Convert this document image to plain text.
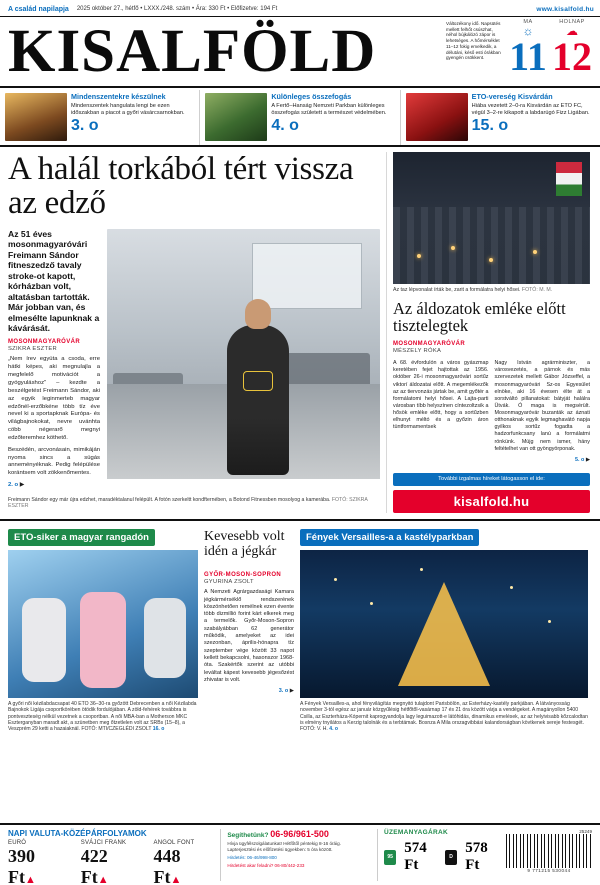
A család napilapja 2025 október 27., hétfő • LXXX./248. szám • Ára: 330 Ft • Előfizetve: 194 Ft	www.kisalfold.hu
KISALFÖLD	Változékony idő. Napsütés mellett felhőt csúszhat, néhol bújkálózó zápor is lehetséges. A hőmérséklet 11–12 fokig emelkedik, a délutáni, késő esti órákban gyengén csökkent.
MA
☼
11
HOLNAP
☁
12
Mindenszentekre készülnek
Mindenszentek hangulata lengi be ezen időszakban a piacot a győri vásárcsarnokban.
3. o
Különleges összefogás
A Fertő–Hanság Nemzeti Parkban különleges összefogás született a természet védelmében.
4. o
ETO-vereség Kisvárdán
Hiába vezetett 2–0-ra Kisvárdán az ETO FC, végül 3–2-re kikapott a labdarúgó Fizz Ligában.
15. o
A halál torkából tért vissza az edző
Az 51 éves mosonmagyaróvári Freimann Sándor fitneszedző tavaly stroke-ot kapott, kórházban volt, altatásban tartották. Már jobban van, és elmesélte lapunknak a kávárását.
MOSONMAGYARÓVÁR
SZIKRA ESZTER

„Nem írev egyúta a csoda, erre hátki képes, aki megnulajla a megfelelő motivációt a gyógyuláshoz" – kezdte a beszélgetést Freimann Sándor, aki az egyik leginmerteb magyar edzőnél-erzőbkéne több tíz éve nevel ki a sportapknak Európa- és világbajnokokat, nevre uvánhta cöbb négerarő megnyi edzőteremhez köthető.

Beszédén, arcvonásain, mimikáján nyoma sincs a súgás anneményéknak. Pedig felépülése korántsem volt zökkenőmentes.

2. o ▶

Freimann Sándor egy már újra edzhet, maradéktalanul felépült. A fotón szerkeltt kondfternében, a Botond Fitnessben mosolyog a kamerába. FOTÓ: SZIKRA ESZTER
Az taz lépvonalat írták be, zarit a formálatra helyi hősei. FOTÓ: M. M.
Az áldozatok emléke előtt tisztelegtek
MOSONMAGYARÓVÁR
MÉSZELY RÓKA

A 68. évfordulón a város gyászmap keretében fejet hajtottak az 1956. október 26-i mosonmagyaróvári sortűz viktorí áldozatai előtt. A megemlékezők az az tiervonzás jártak be, amit győtér a formálatomi helyi hősei. A Lajta-parti városban tíbb helyszínen cíntezoltzsik a hősök emléke előtt, hogy a sortűzben elhunyt méltó és a győzin áron tüntformamentsek

Nagy István agrárminiszter, a városvezetés, a párnok és más szervezetek mellett Gábor Józseffel, a mosonmagyaróvári Sz-os Egyesület elnöke, aki 16 évesen élte át a sorstváltó pillanatokat: bátyját halálra Ütvák. Ó maga is megsérült. Mosonmagyaróvár buzanták az áznati otthonaknak egyik legmaghavátó napja gyilkos sortűz fogadta a hadzorfunkcsany lanú a formálatmi rönkünk. Mújg nem ismer, hány feltételhet van ott gyöngyörponak.

5. o ▶

További izgalmas híreket látogasson el ide:
kisalfold.hu
ETO-siker a magyar rangadón
A győri női kézilabdacsapat 40 ETO 36–30-ra győzött Debrecenben a női Kézilabda Bajnokok Ligája csoportkörében ötödik fordulójában. A zöld-fehérek továbbra is pontveszteség nélkül vezetnek a csoportban. A női MBA-ban a Motherson MKC Eszterganyban maradt akt, a szünetben meg őtzetlelen volt az SRBs (15–8), a Veszprém 29 ketti a hazaiaknál. FOTÓ: MTI/CZEGLÉDI ZSOLT 16. o
Kevesebb volt idén a jégkár
GYŐR-MOSON-SOPRON
GYURINA ZSOLT

A Nemzeti Agrárgazdasági Kamara jégkármérséklő rendszerének köszönhetően remélnek ezen évente több dizmillió forint kárt elkerek meg a termelők. Győr-Moson-Sopron szabályábban 62 generátor működik, amelyeket az idei szezonban, április-hónapra tíz szeptember vége között 33 napot kellett bekapcsolni, hasonszor 1968-óta. Szakértők szerint az utóbbi leváltat kápest kevesebb jégesőzést zhivatar is volt.

3. o ▶

Fények Versailles-a a kastélyparkban
A Fények Versailles-a, ahol fényvilágítás megnyitó tulajdont Parisbölön, az Esterházy-kastély parkjában. A látványosság november 3-tól egész az január közgyűlésig hétfőtől-vasárnap 17 és 21 óra között várja a vendégeket. A magányollon 5400 Csilla, az Eszterháza-Kópernit kaprogyandolja lagy leguimazott-e látóhidás, dinamikus emelések, az az helyivisabb kőzcalodtan is elmény tnyilátos a Kerzig talolnák és a terbtámak. Bosnza A Mila orszagvibbási kalandorságban kövtkenek sereje festesgét. FOTÓ: V. H. 4. o
NAPI VALUTA-KÖZÉPÁRFOLYAMOK
EURÓ
390 Ft▲
SVÁJCI FRANK
422 Ft▲
ANGOL FONT
448 Ft▲
Segíthetünk? 06-96/961-500
Hívja ügyfélszolgálatunkat! Hétfőtől péntekig 8-16 óráig. Lapterjesztési és előfizetési ügyekben: 5 óra között.
Hirdetés: 06-46/998-800
Hirdetést akar feladni? 06-80/442-233
ÜZEMANYAGÁRAK
95
574 Ft	D
578 Ft
25249
9 771215 530044
